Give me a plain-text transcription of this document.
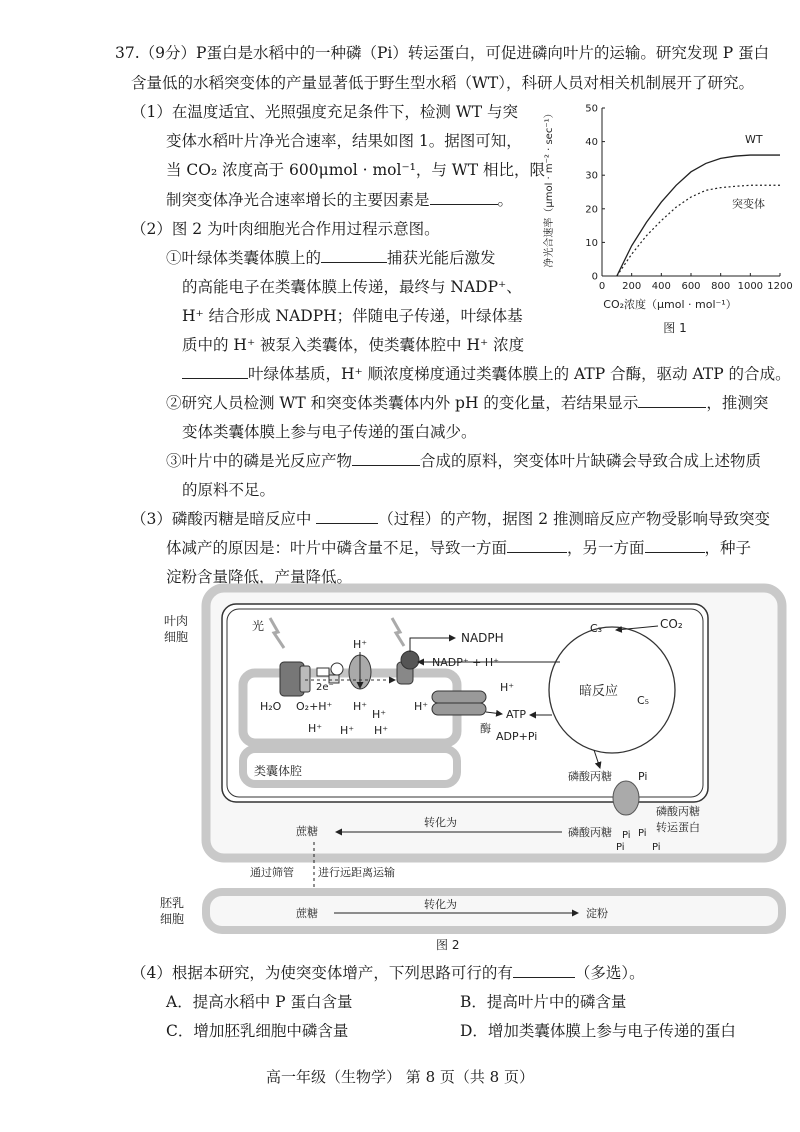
37.（9分）P蛋白是水稻中的一种磷（Pi）转运蛋白，可促进磷向叶片的运输。研究发现 P 蛋白
含量低的水稻突变体的产量显著低于野生型水稻（WT），科研人员对相关机制展开了研究。
（1）在温度适宜、光照强度充足条件下，检测 WT 与突
变体水稻叶片净光合速率，结果如图 1。据图可知，
当 CO₂ 浓度高于 600μmol · mol⁻¹，与 WT 相比，限
制突变体净光合速率增长的主要因素是	。
（2）图 2 为叶肉细胞光合作用过程示意图。
①叶绿体类囊体膜上的	捕获光能后激发
的高能电子在类囊体膜上传递，最终与 NADP⁺、
H⁺ 结合形成 NADPH；伴随电子传递，叶绿体基
质中的 H⁺ 被泵入类囊体，使类囊体腔中 H⁺ 浓度
叶绿体基质，H⁺ 顺浓度梯度通过类囊体膜上的 ATP 合酶，驱动 ATP 的合成。
②研究人员检测 WT 和突变体类囊体内外 pH 的变化量，若结果显示	，推测突
变体类囊体膜上参与电子传递的蛋白减少。
③叶片中的磷是光反应产物	合成的原料，突变体叶片缺磷会导致合成上述物质
的原料不足。
（3）磷酸丙糖是暗反应中	（过程）的产物，据图 2 推测暗反应产物受影响导致突变
体减产的原因是：叶片中磷含量不足，导致一方面	，另一方面	，种子
淀粉含量降低，产量降低。
0 200 400 600 800 1000 1200
0
10
20
30
40
50
WT
突变体
净光合速率（μmol · m⁻² · sec⁻¹）
CO₂浓度（μmol · mol⁻¹）
图 1
叶肉
细胞
胚乳
细胞
类囊体腔
光
H⁺
H⁺
H⁺
H⁺ H⁺ H⁺
H⁺
H⁺
H₂O O₂+H⁺
2e⁻
NADPH
NADP⁺ + H⁺
酶
ATP
ADP+Pi
暗反应
C₃
C₅
CO₂
磷酸丙糖 Pi
磷酸丙糖
转运蛋白
磷酸丙糖 Pi Pi
Pi	Pi
蔗糖
转化为
通过筛管 进行远距离运输
蔗糖
转化为
淀粉
图 2
（4）根据本研究，为使突变体增产，下列思路可行的有	（多选）。
A．提高水稻中 P 蛋白含量	B．提高叶片中的磷含量
C．增加胚乳细胞中磷含量	D．增加类囊体膜上参与电子传递的蛋白
高一年级（生物学） 第 8 页（共 8 页）
